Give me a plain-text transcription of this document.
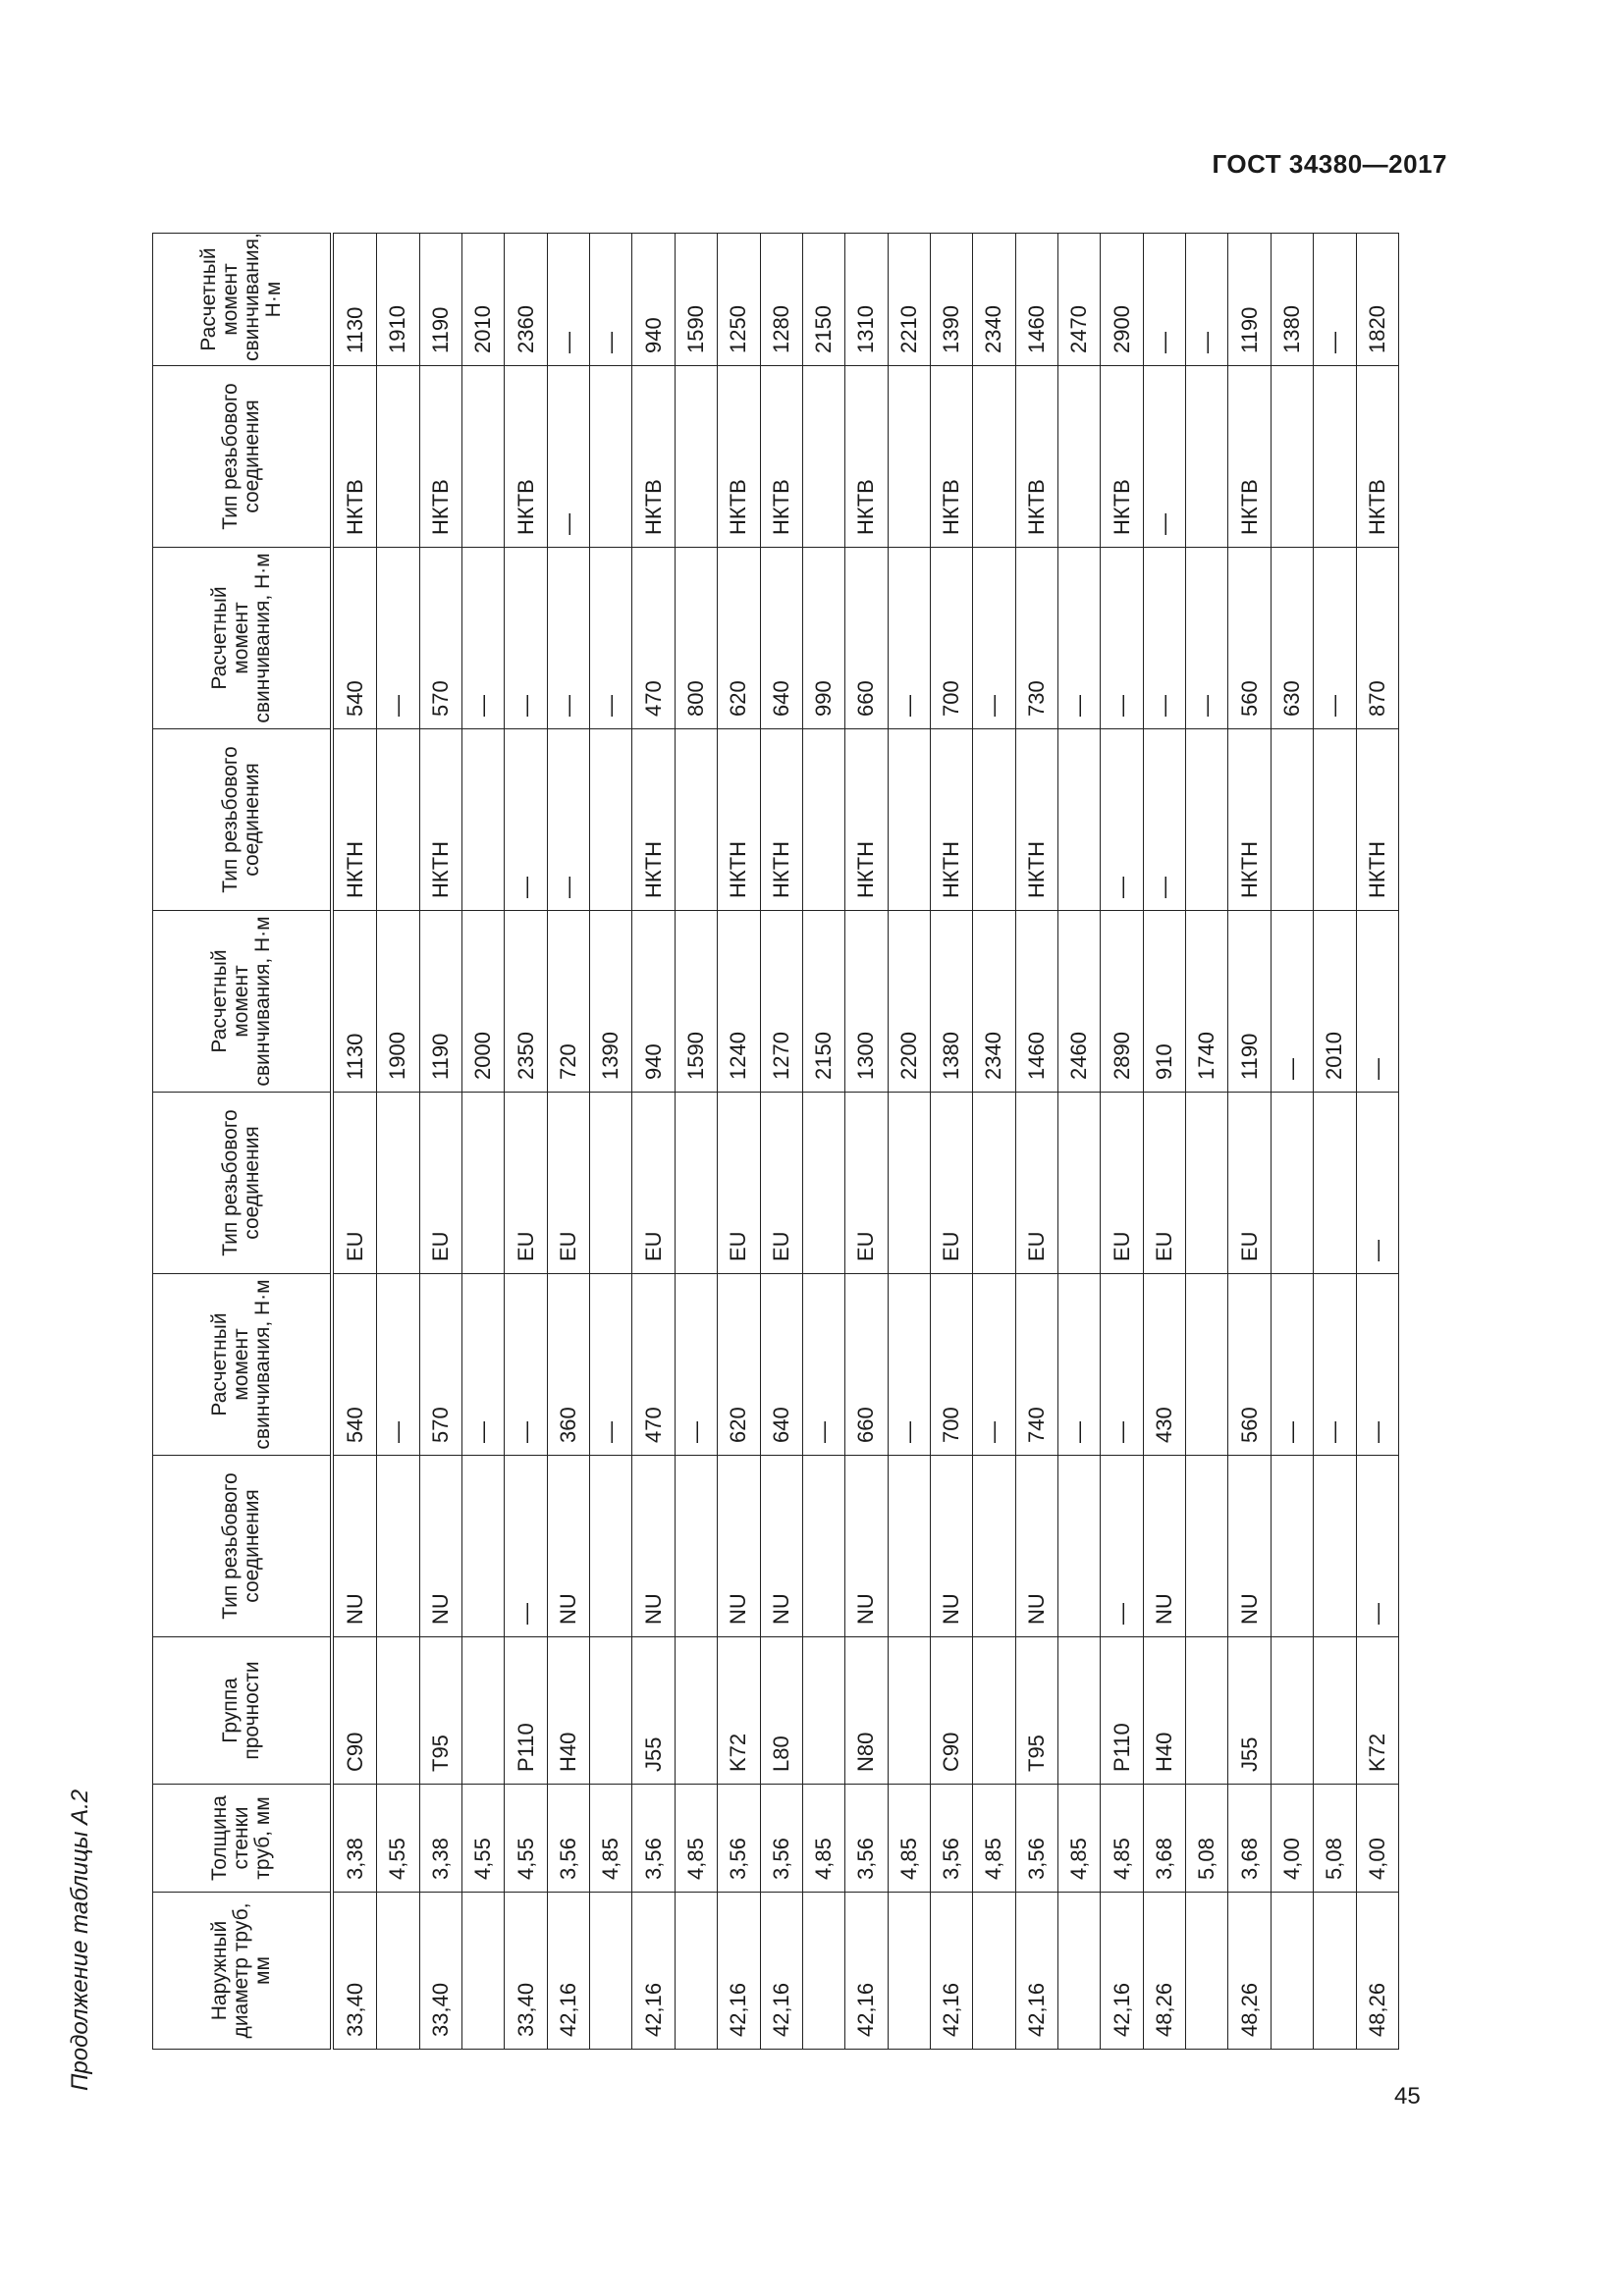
ГОСТ 34380—2017
Продолжение таблицы А.2
45
Наружный диаметр труб, мм	Толщина стенки труб, мм	Группа прочности	Тип резьбового соединения	Расчетный момент свинчивания, Н·м	Тип резьбового соединения	Расчетный момент свинчивания, Н·м	Тип резьбового соединения	Расчетный момент свинчивания, Н·м	Тип резьбового соединения	Расчетный момент свинчивания, Н·м
33,40	3,38	C90	NU	540	EU	1130	НКТН	540	НКТВ	1130
	4,55			—		1900		—		1910
33,40	3,38	T95	NU	570	EU	1190	НКТН	570	НКТВ	1190
	4,55			—		2000		—		2010
33,40	4,55	P110	—	—	EU	2350	—	—	НКТВ	2360
42,16	3,56	H40	NU	360	EU	720	—	—	—	—
	4,85			—		1390		—		—
42,16	3,56	J55	NU	470	EU	940	НКТН	470	НКТВ	940
	4,85			—		1590		800		1590
42,16	3,56	K72	NU	620	EU	1240	НКТН	620	НКТВ	1250
42,16	3,56	L80	NU	640	EU	1270	НКТН	640	НКТВ	1280
	4,85			—		2150		990		2150
42,16	3,56	N80	NU	660	EU	1300	НКТН	660	НКТВ	1310
	4,85			—		2200		—		2210
42,16	3,56	C90	NU	700	EU	1380	НКТН	700	НКТВ	1390
	4,85			—		2340		—		2340
42,16	3,56	T95	NU	740	EU	1460	НКТН	730	НКТВ	1460
	4,85			—		2460		—		2470
42,16	4,85	P110	—	—	EU	2890	—	—	НКТВ	2900
48,26	3,68	H40	NU	430	EU	910	—	—	—	—
	5,08					1740		—		—
48,26	3,68	J55	NU	560	EU	1190	НКТН	560	НКТВ	1190
	4,00			—		—		630		1380
	5,08			—		2010		—		—
48,26	4,00	K72	—	—	—	—	НКТН	870	НКТВ	1820
